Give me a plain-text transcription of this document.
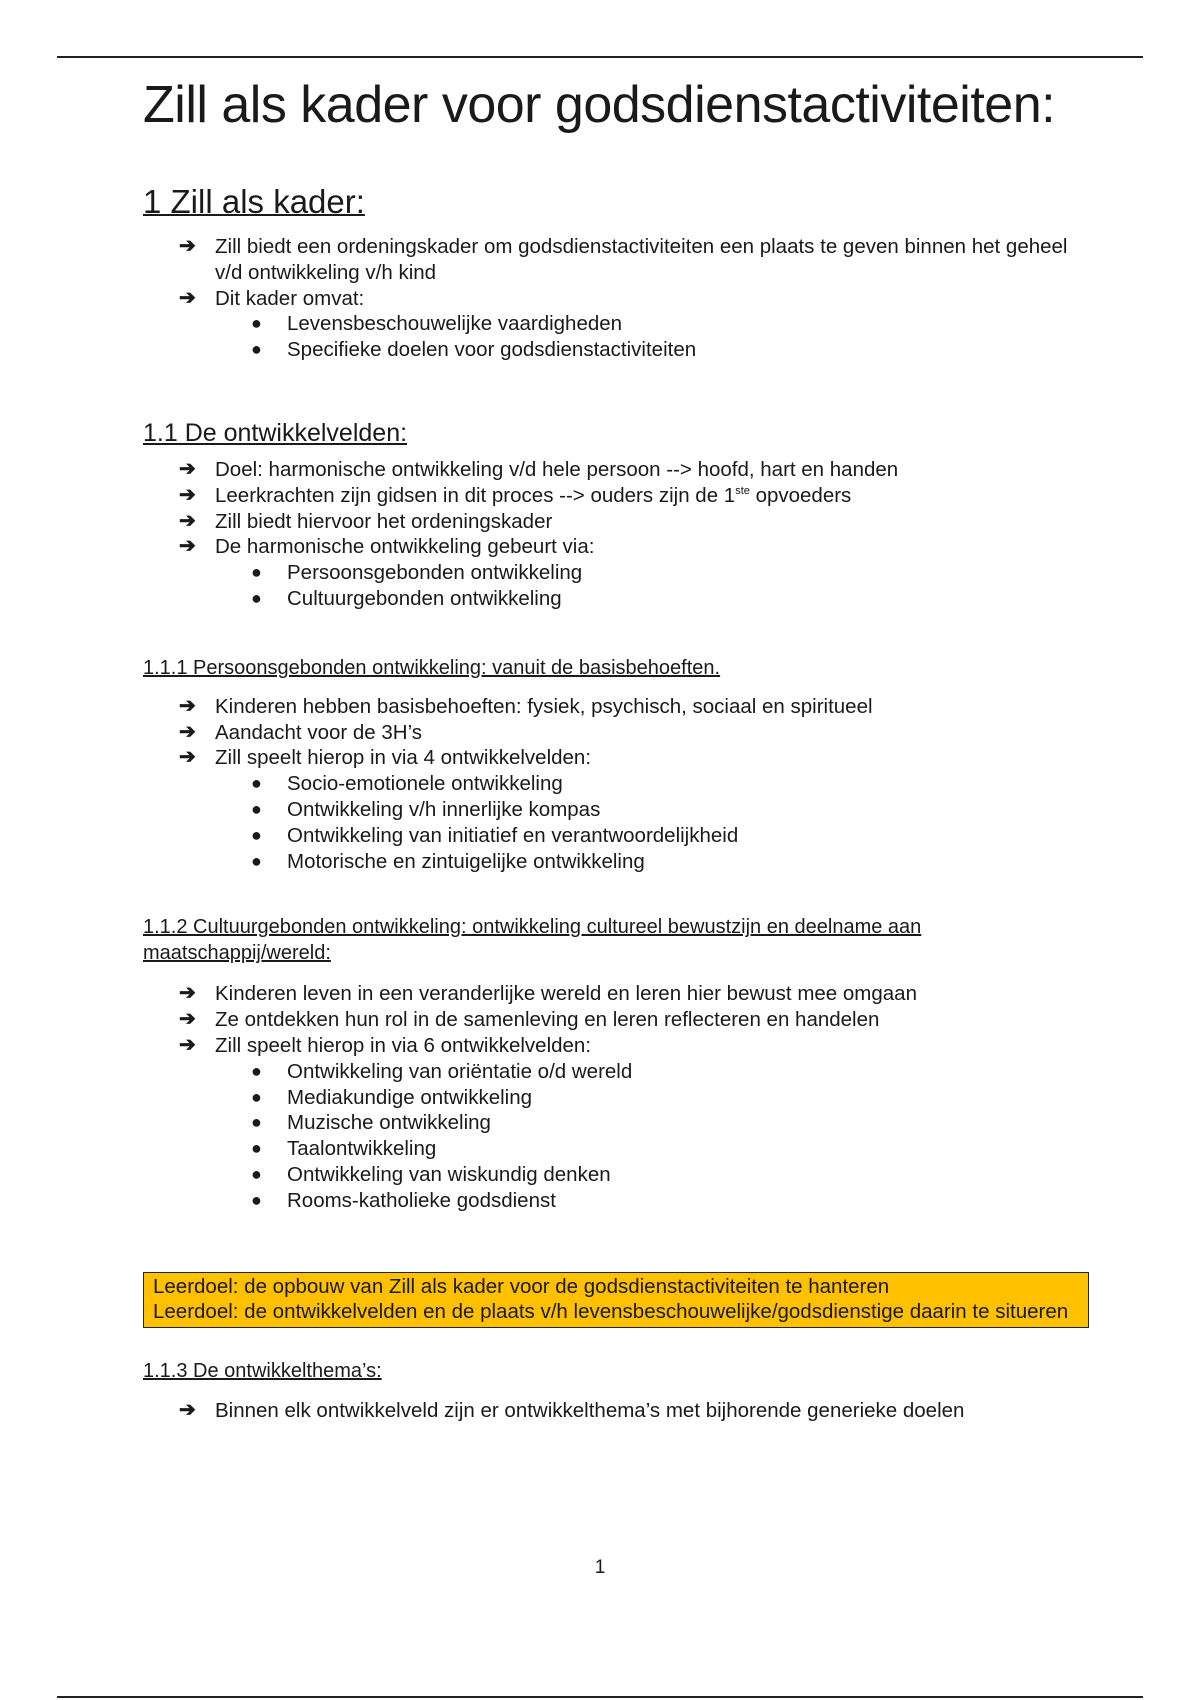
Zill als kader voor godsdienstactiviteiten:
1 Zill als kader:
➔ Zill biedt een ordeningskader om godsdienstactiviteiten een plaats te geven binnen het geheel v/d ontwikkeling v/h kind
➔ Dit kader omvat:
● Levensbeschouwelijke vaardigheden
● Specifieke doelen voor godsdienstactiviteiten
1.1 De ontwikkelvelden:
➔ Doel: harmonische ontwikkeling v/d hele persoon --> hoofd, hart en handen
➔ Leerkrachten zijn gidsen in dit proces --> ouders zijn de 1ste opvoeders
➔ Zill biedt hiervoor het ordeningskader
➔ De harmonische ontwikkeling gebeurt via:
● Persoonsgebonden ontwikkeling
● Cultuurgebonden ontwikkeling
1.1.1 Persoonsgebonden ontwikkeling: vanuit de basisbehoeften.
➔ Kinderen hebben basisbehoeften: fysiek, psychisch, sociaal en spiritueel
➔ Aandacht voor de 3H’s
➔ Zill speelt hierop in via 4 ontwikkelvelden:
● Socio-emotionele ontwikkeling
● Ontwikkeling v/h innerlijke kompas
● Ontwikkeling van initiatief en verantwoordelijkheid
● Motorische en zintuigelijke ontwikkeling
1.1.2 Cultuurgebonden ontwikkeling: ontwikkeling cultureel bewustzijn en deelname aan maatschappij/wereld:
➔ Kinderen leven in een veranderlijke wereld en leren hier bewust mee omgaan
➔ Ze ontdekken hun rol in de samenleving en leren reflecteren en handelen
➔ Zill speelt hierop in via 6 ontwikkelvelden:
● Ontwikkeling van oriëntatie o/d wereld
● Mediakundige ontwikkeling
● Muzische ontwikkeling
● Taalontwikkeling
● Ontwikkeling van wiskundig denken
● Rooms-katholieke godsdienst
Leerdoel: de opbouw van Zill als kader voor de godsdienstactiviteiten te hanteren
Leerdoel: de ontwikkelvelden en de plaats v/h levensbeschouwelijke/godsdienstige daarin te situeren
1.1.3 De ontwikkelthema’s:
➔ Binnen elk ontwikkelveld zijn er ontwikkelthema’s met bijhorende generieke doelen
1
